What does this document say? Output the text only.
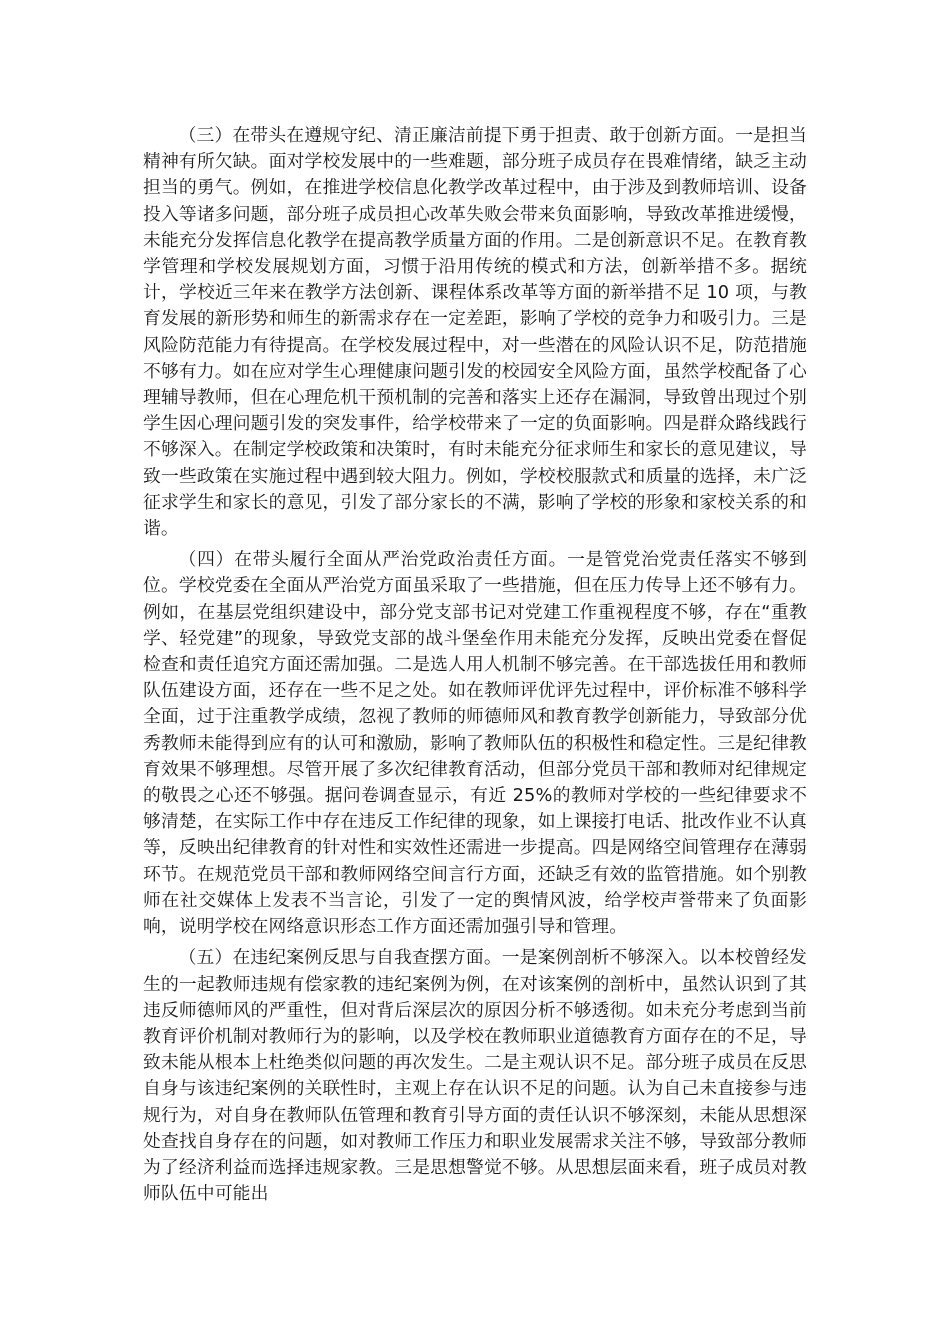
（三）在带头在遵规守纪、清正廉洁前提下勇于担责、敢于创新方面。一是担当精神有所欠缺。面对学校发展中的一些难题，部分班子成员存在畏难情绪，缺乏主动担当的勇气。例如，在推进学校信息化教学改革过程中，由于涉及到教师培训、设备投入等诸多问题，部分班子成员担心改革失败会带来负面影响，导致改革推进缓慢，未能充分发挥信息化教学在提高教学质量方面的作用。二是创新意识不足。在教育教学管理和学校发展规划方面，习惯于沿用传统的模式和方法，创新举措不多。据统计，学校近三年来在教学方法创新、课程体系改革等方面的新举措不足 10 项，与教育发展的新形势和师生的新需求存在一定差距，影响了学校的竞争力和吸引力。三是风险防范能力有待提高。在学校发展过程中，对一些潜在的风险认识不足，防范措施不够有力。如在应对学生心理健康问题引发的校园安全风险方面，虽然学校配备了心理辅导教师，但在心理危机干预机制的完善和落实上还存在漏洞，导致曾出现过个别学生因心理问题引发的突发事件，给学校带来了一定的负面影响。四是群众路线践行不够深入。在制定学校政策和决策时，有时未能充分征求师生和家长的意见建议，导致一些政策在实施过程中遇到较大阻力。例如，学校校服款式和质量的选择，未广泛征求学生和家长的意见，引发了部分家长的不满，影响了学校的形象和家校关系的和谐。

（四）在带头履行全面从严治党政治责任方面。一是管党治党责任落实不够到位。学校党委在全面从严治党方面虽采取了一些措施，但在压力传导上还不够有力。例如，在基层党组织建设中，部分党支部书记对党建工作重视程度不够，存在“重教学、轻党建”的现象，导致党支部的战斗堡垒作用未能充分发挥，反映出党委在督促检查和责任追究方面还需加强。二是选人用人机制不够完善。在干部选拔任用和教师队伍建设方面，还存在一些不足之处。如在教师评优评先过程中，评价标准不够科学全面，过于注重教学成绩，忽视了教师的师德师风和教育教学创新能力，导致部分优秀教师未能得到应有的认可和激励，影响了教师队伍的积极性和稳定性。三是纪律教育效果不够理想。尽管开展了多次纪律教育活动，但部分党员干部和教师对纪律规定的敬畏之心还不够强。据问卷调查显示，有近 25%的教师对学校的一些纪律要求不够清楚，在实际工作中存在违反工作纪律的现象，如上课接打电话、批改作业不认真等，反映出纪律教育的针对性和实效性还需进一步提高。四是网络空间管理存在薄弱环节。在规范党员干部和教师网络空间言行方面，还缺乏有效的监管措施。如个别教师在社交媒体上发表不当言论，引发了一定的舆情风波，给学校声誉带来了负面影响，说明学校在网络意识形态工作方面还需加强引导和管理。

（五）在违纪案例反思与自我查摆方面。一是案例剖析不够深入。以本校曾经发生的一起教师违规有偿家教的违纪案例为例，在对该案例的剖析中，虽然认识到了其违反师德师风的严重性，但对背后深层次的原因分析不够透彻。如未充分考虑到当前教育评价机制对教师行为的影响，以及学校在教师职业道德教育方面存在的不足，导致未能从根本上杜绝类似问题的再次发生。二是主观认识不足。部分班子成员在反思自身与该违纪案例的关联性时，主观上存在认识不足的问题。认为自己未直接参与违规行为，对自身在教师队伍管理和教育引导方面的责任认识不够深刻，未能从思想深处查找自身存在的问题，如对教师工作压力和职业发展需求关注不够，导致部分教师为了经济利益而选择违规家教。三是思想警觉不够。从思想层面来看，班子成员对教师队伍中可能出
